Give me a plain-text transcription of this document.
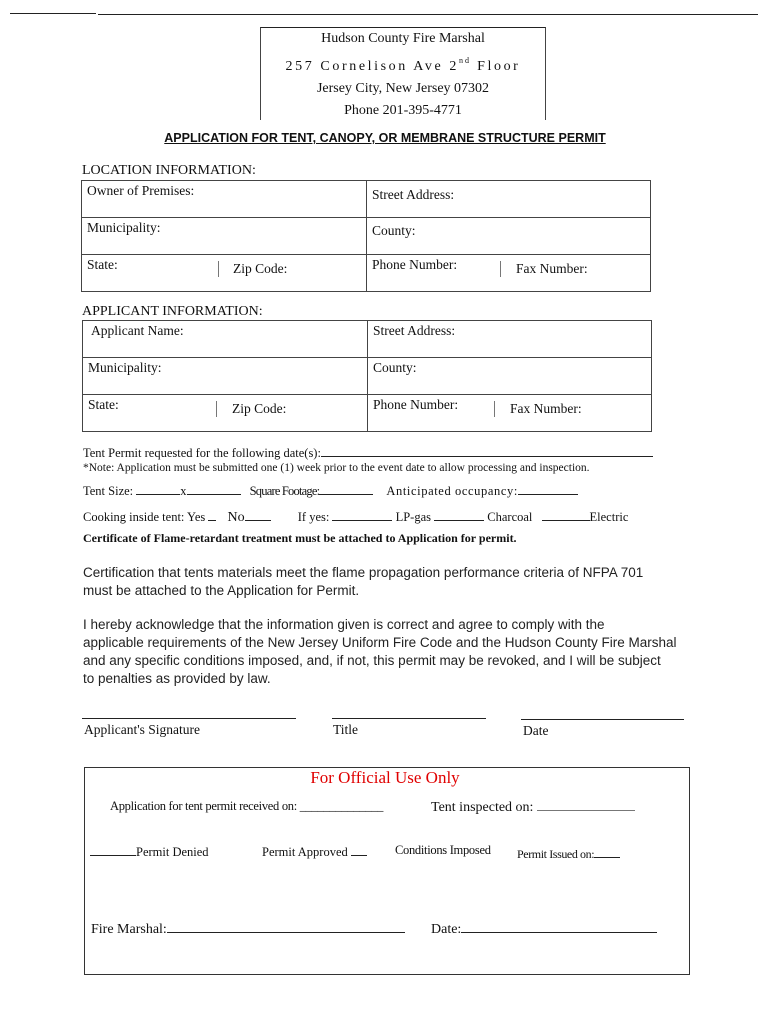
Hudson County Fire Marshal
257 Cornelison Ave 2nd Floor
Jersey City, New Jersey 07302
Phone 201-395-4771
APPLICATION FOR TENT, CANOPY, OR MEMBRANE STRUCTURE PERMIT
LOCATION INFORMATION:
Owner of Premises:	Street Address:

Municipality:	County:

State: Zip Code:	Phone Number: Fax Number:
APPLICANT INFORMATION:
Applicant Name:	Street Address:
Municipality:	County:

State: Zip Code:	Phone Number: Fax Number:
Tent Permit requested for the following date(s):
*Note: Application must be submitted one (1) week prior to the event date to allow processing and inspection.
Tent Size:	x	Square Footage:	Anticipated occupancy:
Cooking inside tent: Yes No	If yes:	LP-gas	Charcoal	Electric
Certificate of Flame-retardant treatment must be attached to Application for permit.
Certification that tents materials meet the flame propagation performance criteria of NFPA 701
must be attached to the Application for Permit.
I hereby acknowledge that the information given is correct and agree to comply with the
applicable requirements of the New Jersey Uniform Fire Code and the Hudson County Fire Marshal
and any specific conditions imposed, and, if not, this permit may be revoked, and I will be subject
to penalties as provided by law.
Applicant's Signature	Title	Date
For Official Use Only
Application for tent permit received on: ______________	Tent inspected on:
Permit Denied	Permit Approved	Conditions Imposed Permit Issued on:
Fire Marshal:	Date:
